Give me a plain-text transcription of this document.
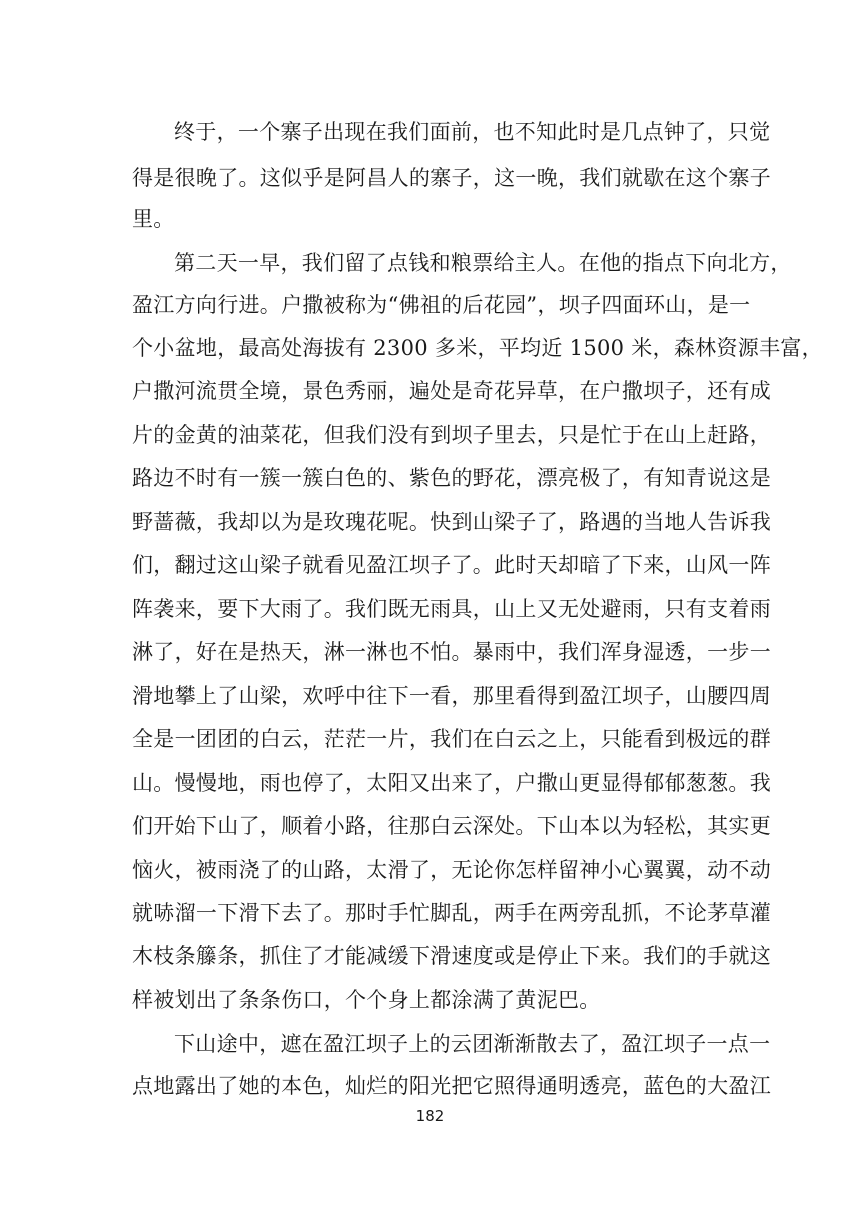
终于，一个寨子出现在我们面前，也不知此时是几点钟了，只觉
得是很晚了。这似乎是阿昌人的寨子，这一晚，我们就歇在这个寨子
里。
第二天一早，我们留了点钱和粮票给主人。在他的指点下向北方，
盈江方向行进。户撒被称为“佛祖的后花园”，坝子四面环山，是一
个小盆地，最高处海拔有 2300 多米，平均近 1500 米，森林资源丰富，
户撒河流贯全境，景色秀丽，遍处是奇花异草，在户撒坝子，还有成
片的金黄的油菜花，但我们没有到坝子里去，只是忙于在山上赶路，
路边不时有一簇一簇白色的、紫色的野花，漂亮极了，有知青说这是
野蔷薇，我却以为是玫瑰花呢。快到山梁子了，路遇的当地人告诉我
们，翻过这山梁子就看见盈江坝子了。此时天却暗了下来，山风一阵
阵袭来，要下大雨了。我们既无雨具，山上又无处避雨，只有支着雨
淋了，好在是热天，淋一淋也不怕。暴雨中，我们浑身湿透，一步一
滑地攀上了山梁，欢呼中往下一看，那里看得到盈江坝子，山腰四周
全是一团团的白云，茫茫一片，我们在白云之上，只能看到极远的群
山。慢慢地，雨也停了，太阳又出来了，户撒山更显得郁郁葱葱。我
们开始下山了，顺着小路，往那白云深处。下山本以为轻松，其实更
恼火，被雨浇了的山路，太滑了，无论你怎样留神小心翼翼，动不动
就哧溜一下滑下去了。那时手忙脚乱，两手在两旁乱抓，不论茅草灌
木枝条籐条，抓住了才能减缓下滑速度或是停止下来。我们的手就这
样被划出了条条伤口，个个身上都涂满了黄泥巴。
下山途中，遮在盈江坝子上的云团渐渐散去了，盈江坝子一点一
点地露出了她的本色，灿烂的阳光把它照得通明透亮，蓝色的大盈江
182
